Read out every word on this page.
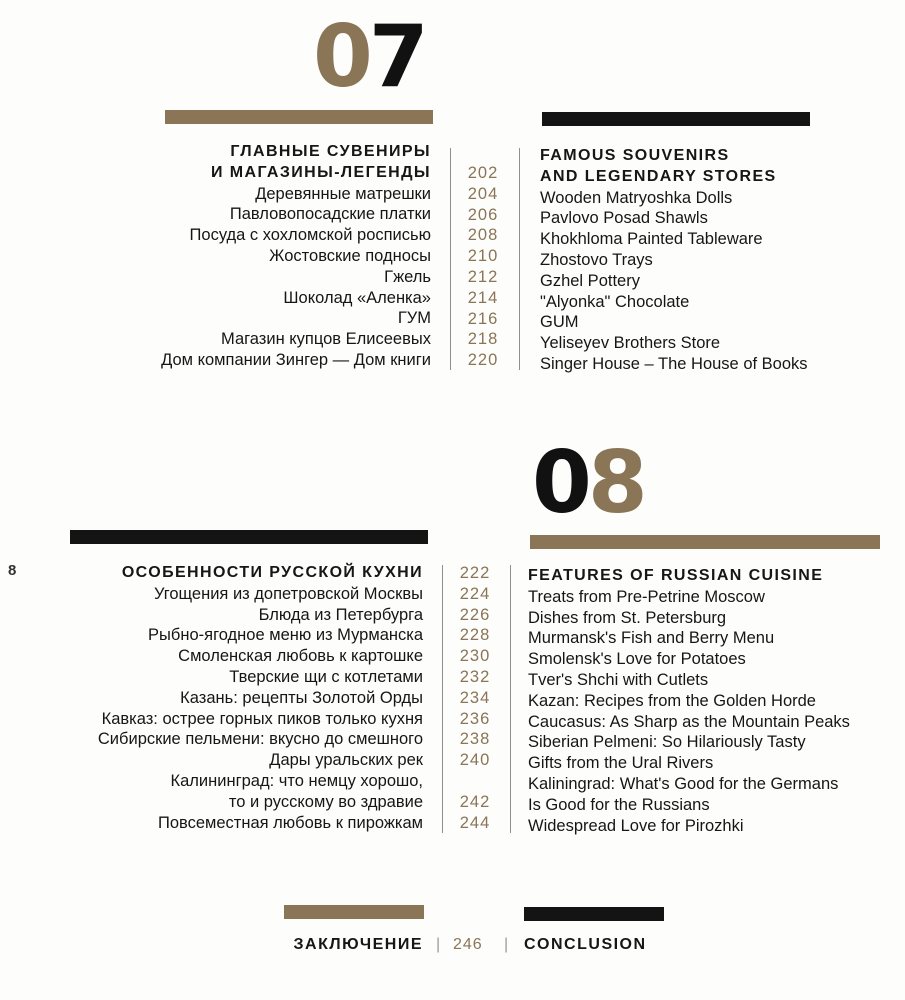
8
07
ГЛАВНЫЕ СУВЕНИРЫ
И МАГАЗИНЫ-ЛЕГЕНДЫ
Деревянные матрешки
Павловопосадские платки
Посуда с хохломской росписью
Жостовские подносы
Гжель
Шоколад «Аленка»
ГУМ
Магазин купцов Елисеевых
Дом компании Зингер — Дом книги
202
204
206
208
210
212
214
216
218
220
FAMOUS SOUVENIRS
AND LEGENDARY STORES
Wooden Matryoshka Dolls
Pavlovo Posad Shawls
Khokhloma Painted Tableware
Zhostovo Trays
Gzhel Pottery
"Alyonka" Chocolate
GUM
Yeliseyev Brothers Store
Singer House – The House of Books
08
ОСОБЕННОСТИ РУССКОЙ КУХНИ
Угощения из допетровской Москвы
Блюда из Петербурга
Рыбно-ягодное меню из Мурманска
Смоленская любовь к картошке
Тверские щи с котлетами
Казань: рецепты Золотой Орды
Кавказ: острее горных пиков только кухня
Сибирские пельмени: вкусно до смешного
Дары уральских рек
Калининград: что немцу хорошо,
то и русскому во здравие
Повсеместная любовь к пирожкам
222
224
226
228
230
232
234
236
238
240
242
244
FEATURES OF RUSSIAN CUISINE
Treats from Pre-Petrine Moscow
Dishes from St. Petersburg
Murmansk's Fish and Berry Menu
Smolensk's Love for Potatoes
Tver's Shchi with Cutlets
Kazan: Recipes from the Golden Horde
Caucasus: As Sharp as the Mountain Peaks
Siberian Pelmeni: So Hilariously Tasty
Gifts from the Ural Rivers
Kaliningrad: What's Good for the Germans
Is Good for the Russians
Widespread Love for Pirozhki
ЗАКЛЮЧЕНИЕ | 246 | CONCLUSION
